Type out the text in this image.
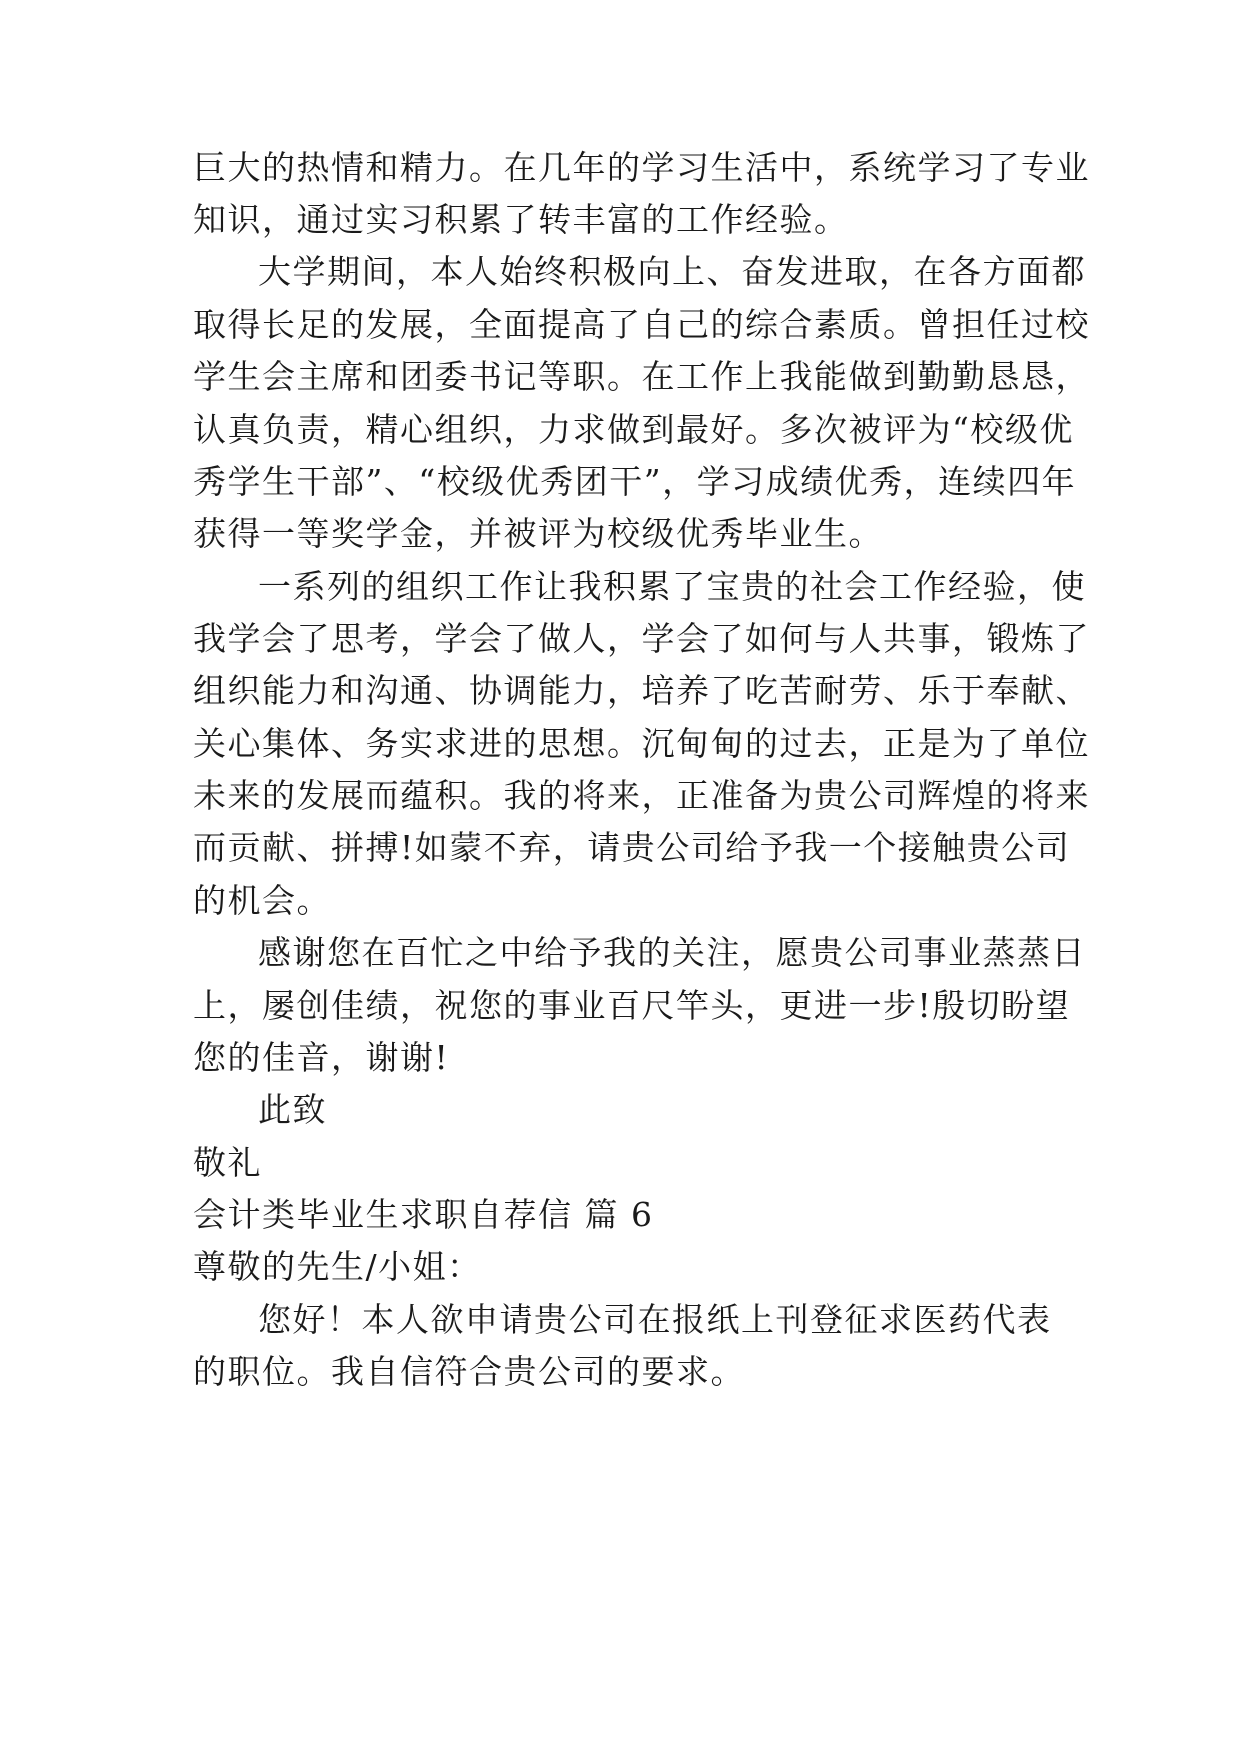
巨大的热情和精力。在几年的学习生活中，系统学习了专业
知识，通过实习积累了转丰富的工作经验。
大学期间，本人始终积极向上、奋发进取，在各方面都
取得长足的发展，全面提高了自己的综合素质。曾担任过校
学生会主席和团委书记等职。在工作上我能做到勤勤恳恳，
认真负责，精心组织，力求做到最好。多次被评为“校级优
秀学生干部”、“校级优秀团干”，学习成绩优秀，连续四年
获得一等奖学金，并被评为校级优秀毕业生。
一系列的组织工作让我积累了宝贵的社会工作经验，使
我学会了思考，学会了做人，学会了如何与人共事，锻炼了
组织能力和沟通、协调能力，培养了吃苦耐劳、乐于奉献、
关心集体、务实求进的思想。沉甸甸的过去，正是为了单位
未来的发展而蕴积。我的将来，正准备为贵公司辉煌的将来
而贡献、拼搏!如蒙不弃，请贵公司给予我一个接触贵公司
的机会。
感谢您在百忙之中给予我的关注，愿贵公司事业蒸蒸日
上，屡创佳绩，祝您的事业百尺竿头，更进一步!殷切盼望
您的佳音，谢谢!
此致
敬礼
会计类毕业生求职自荐信 篇 6
尊敬的先生/小姐：
您好！本人欲申请贵公司在报纸上刊登征求医药代表
的职位。我自信符合贵公司的要求。
